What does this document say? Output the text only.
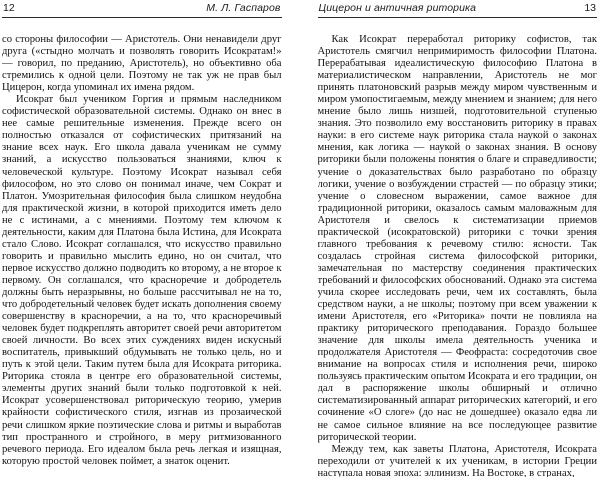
12	М. Л. Гаспаров

со стороны философии — Аристотель. Они ненавидели друг друга («стыдно молчать и позволять говорить Исократам!» — говорил, по преданию, Аристотель), но объективно оба стремились к одной цели. Поэтому не так уж не прав был Цицерон, когда упоминал их имена рядом.

Исократ был учеником Горгия и прямым наследником софистической образовательной системы. Однако он внес в нее самые решительные изменения. Прежде всего он полностью отказался от софистических притязаний на знание всех наук. Его школа давала ученикам не сумму знаний, а искусство пользоваться знаниями, ключ к человеческой культуре. Поэтому Исократ называл себя философом, но это слово он понимал иначе, чем Сократ и Платон. Умозрительная философия была слишком неудобна для практической жизни, в которой приходится иметь дело не с истинами, а с мнениями. Поэтому тем ключом к деятельности, каким для Платона была Истина, для Исократа стало Слово. Исократ соглашался, что искусство правильно говорить и правильно мыслить едино, но он считал, что первое искусство должно подводить ко второму, а не второе к первому. Он соглашался, что красноречие и добродетель должны быть неразрывны, но больше рассчитывал не на то, что добродетельный человек будет искать дополнения своему совершенству в красноречии, а на то, что красноречивый человек будет подкреплять авторитет своей речи авторитетом своей личности. Во всех этих суждениях виден искусный воспитатель, привыкший обдумывать не только цель, но и путь к этой цели. Таким путем была для Исократа риторика. Риторика стояла в центре его образовательной системы, элементы других знаний были только подготовкой к ней. Исократ усовершенствовал риторическую теорию, умерив крайности софистического стиля, изгнав из прозаической речи слишком яркие поэтические слова и ритмы и выработав тип пространного и стройного, в меру ритмизованного речевого периода. Его идеалом была речь легкая и изящная, которую простой человек поймет, а знаток оценит.

Цицерон и античная риторика	13

Как Исократ переработал риторику софистов, так Аристотель смягчил непримиримость философии Платона. Перерабатывая идеалистическую философию Платона в материалистическом направлении, Аристотель не мог принять платоновский разрыв между миром чувственным и миром умопостигаемым, между мнением и знанием; для него мнение было лишь низшей, подготовительной ступенью знания. Это позволило ему восстановить риторику в правах науки: в его системе наук риторика стала наукой о законах мнения, как логика — наукой о законах знания. В основу риторики были положены понятия о благе и справедливости; учение о доказательствах было разработано по образцу логики, учение о возбуждении страстей — по образцу этики; учение о словесном выражении, самое важное для традиционной риторики, оказалось самым маловажным для Аристотеля и свелось к систематизации приемов практической (исократовской) риторики с точки зрения главного требования к речевому стилю: ясности. Так создалась стройная система философской риторики, замечательная по мастерству соединения практических требований и философских обоснований. Однако эта система учила скорее исследовать речи, чем их составлять, была средством науки, а не школы; поэтому при всем уважении к имени Аристотеля, его «Риторика» почти не повлияла на практику риторического преподавания. Гораздо большее значение для школы имела деятельность ученика и продолжателя Аристотеля — Феофраста: сосредоточив свое внимание на вопросах стиля и исполнения речи, широко пользуясь практическим опытом Исократа и его традиции, он дал в распоряжение школы обширный и отлично систематизированный аппарат риторических категорий, и его сочинение «О слоге» (до нас не дошедшее) оказало едва ли не самое сильное влияние на все последующее развитие риторической теории.

Между тем, как заветы Платона, Аристотеля, Исократа переходили от учителей к их ученикам, в истории Греции наступала новая эпоха: эллинизм. На Востоке, в странах,
